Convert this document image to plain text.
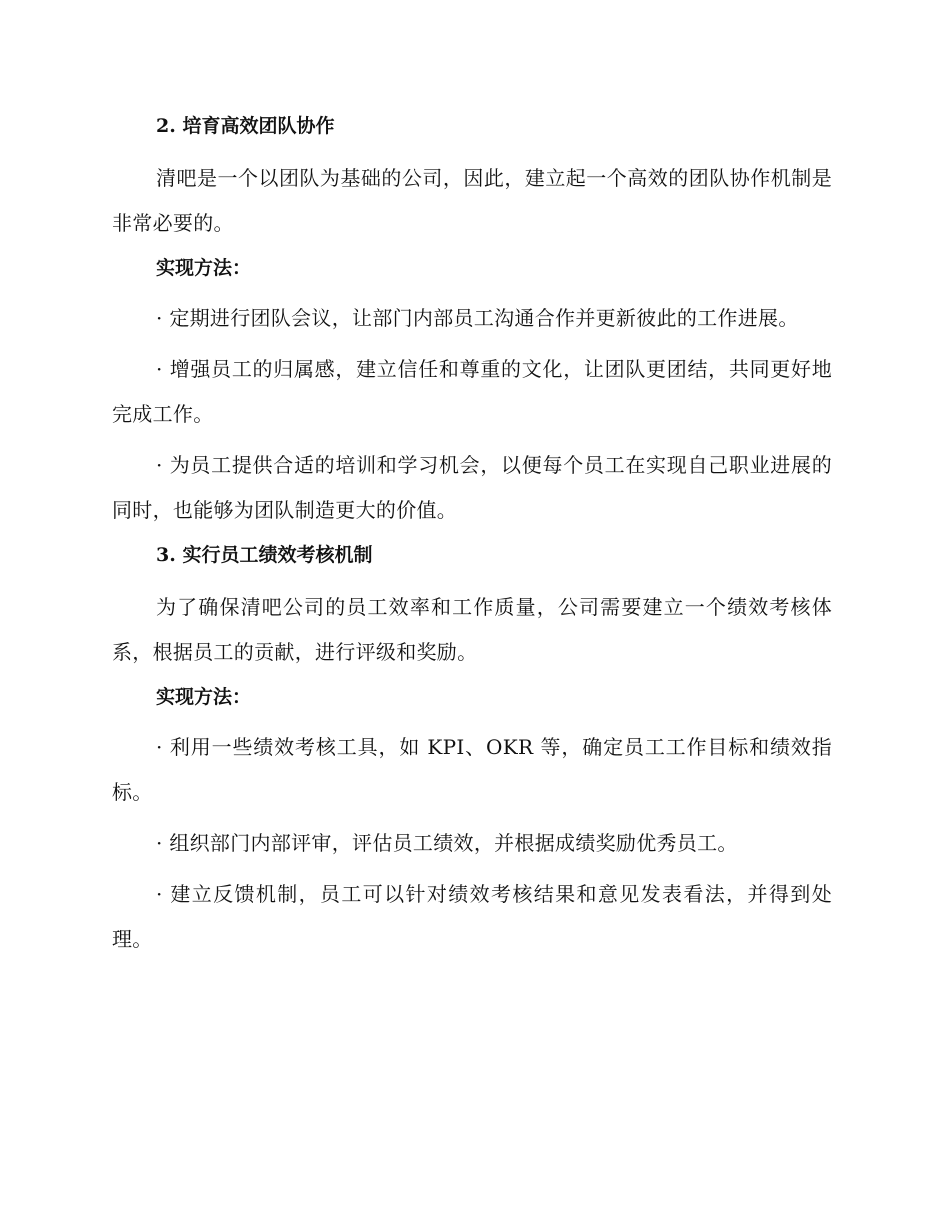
2. 培育高效团队协作
清吧是一个以团队为基础的公司，因此，建立起一个高效的团队协作机制是非常必要的。
实现方法：
· 定期进行团队会议，让部门内部员工沟通合作并更新彼此的工作进展。
· 增强员工的归属感，建立信任和尊重的文化，让团队更团结，共同更好地完成工作。
· 为员工提供合适的培训和学习机会，以便每个员工在实现自己职业进展的同时，也能够为团队制造更大的价值。
3. 实行员工绩效考核机制
为了确保清吧公司的员工效率和工作质量，公司需要建立一个绩效考核体系，根据员工的贡献，进行评级和奖励。
实现方法：
· 利用一些绩效考核工具，如 KPI、OKR 等，确定员工工作目标和绩效指标。
· 组织部门内部评审，评估员工绩效，并根据成绩奖励优秀员工。
· 建立反馈机制，员工可以针对绩效考核结果和意见发表看法，并得到处理。
